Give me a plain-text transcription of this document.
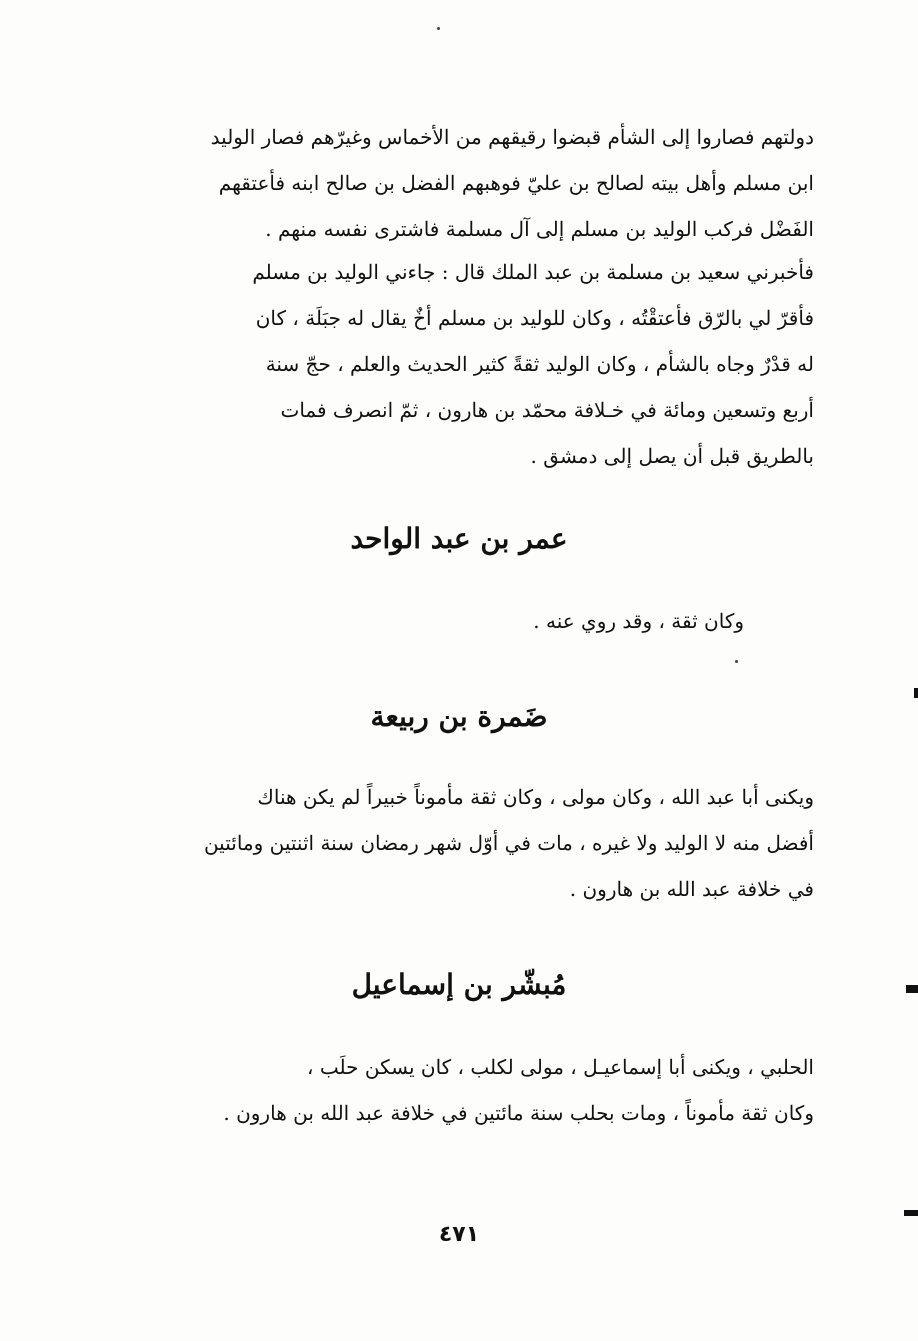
دولتهم فصاروا إلى الشأم قبضوا رقيقهم من الأخماس وغيرّهم فصار الوليد
ابن مسلم وأهل بيته لصالح بن عليّ فوهبهم الفضل بن صالح ابنه فأعتقهم
الفَضْل فركب الوليد بن مسلم إلى آل مسلمة فاشترى نفسه منهم .
فأخبرني سعيد بن مسلمة بن عبد الملك قال : جاءني الوليد بن مسلم
فأقرّ لي بالرّق فأعتقْتُه ، وكان للوليد بن مسلم أخٌ يقال له جبَلَة ، كان
له قدْرٌ وجاه بالشأم ، وكان الوليد ثقةً كثير الحديث والعلم ، حجّ سنة
أربع وتسعين ومائة في خـلافة محمّد بن هارون ، ثمّ انصرف فمات
بالطريق قبل أن يصل إلى دمشق .
عمر بن عبد الواحد
وكان ثقة ، وقد روي عنه .
ضَمرة بن ربيعة
ويكنى أبا عبد الله ، وكان مولى ، وكان ثقة مأموناً خبيراً لم يكن هناك
أفضل منه لا الوليد ولا غيره ، مات في أوّل شهر رمضان سنة اثنتين ومائتين
في خلافة عبد الله بن هارون .
مُبشّر بن إسماعيل
الحلبي ، ويكنى أبا إسماعيـل ، مولى لكلب ، كان يسكن حلَب ،
وكان ثقة مأموناً ، ومات بحلب سنة مائتين في خلافة عبد الله بن هارون .
٤٧١
